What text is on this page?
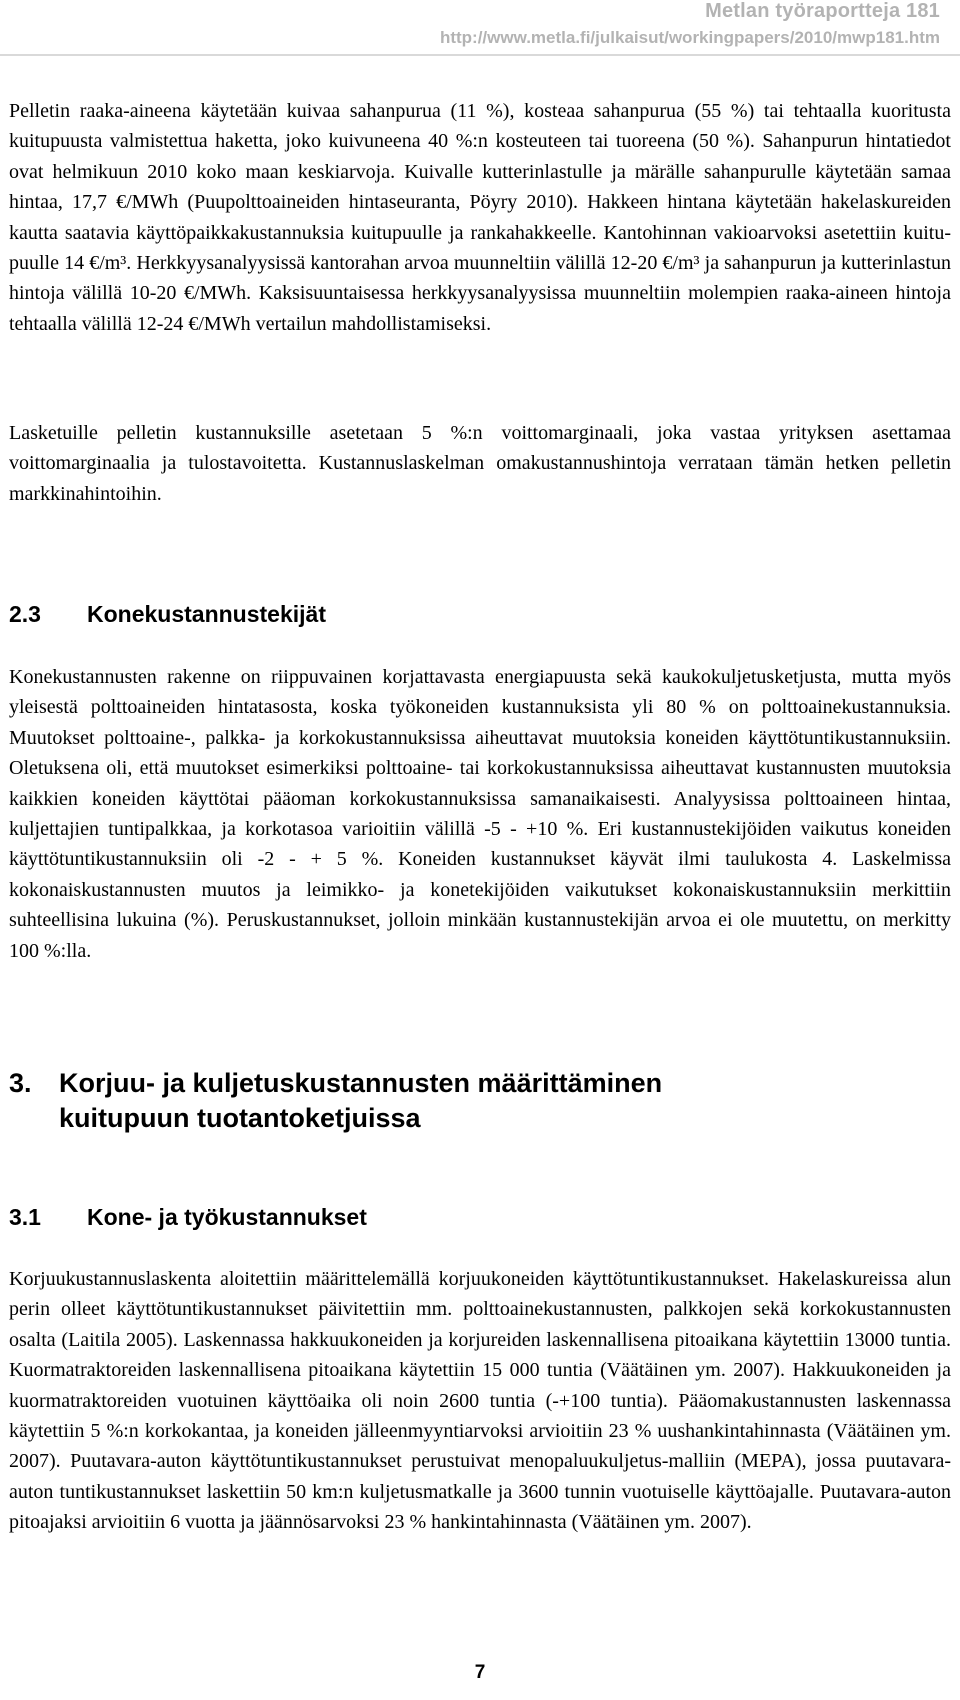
Metlan työraportteja 181
http://www.metla.fi/julkaisut/workingpapers/2010/mwp181.htm

Pelletin raaka-aineena käytetään kuivaa sahanpurua (11 %), kosteaa sahanpurua (55 %) tai tehtaalla kuoritusta kuitupuusta valmistettua haketta, joko kuivuneena 40 %:n kosteuteen tai tuoreena (50 %). Sahanpurun hintatiedot ovat helmikuun 2010 koko maan keskiarvoja. Kuivalle kutterinlastulle ja märälle sahanpurulle käytetään samaa hintaa, 17,7 €/MWh (Puupolttoaineiden hintaseuranta, Pöyry 2010). Hakkeen hintana käytetään hakelaskureiden kautta saatavia käyttöpaikkakustannuksia kuitupuulle ja rankahakkeelle. Kantohinnan vakioarvoksi asetettiin kuitupuulle 14 €/m³. Herkkyysanalyysissä kantorahan arvoa muunneltiin välillä 12-20 €/m³ ja sahanpurun ja kutterinlastun hintoja välillä 10-20 €/MWh. Kaksisuuntaisessa herkkyysanalyysissa muunneltiin molempien raaka-aineen hintoja tehtaalla välillä 12-24 €/MWh vertailun mahdollistamiseksi.

Lasketuille pelletin kustannuksille asetetaan 5 %:n voittomarginaali, joka vastaa yrityksen asettamaa voittomarginaalia ja tulostavoitetta. Kustannuslaskelman omakustannushintoja verrataan tämän hetken pelletin markkinahintoihin.

2.3 Konekustannustekijät

Konekustannusten rakenne on riippuvainen korjattavasta energiapuusta sekä kaukokuljetusketjusta, mutta myös yleisestä polttoaineiden hintatasosta, koska työkoneiden kustannuksista yli 80 % on polttoainekustannuksia. Muutokset polttoaine-, palkka- ja korkokustannuksissa aiheuttavat muutoksia koneiden käyttötuntikustannuksiin. Oletuksena oli, että muutokset esimerkiksi polttoaine- tai korkokustannuksissa aiheuttavat kustannusten muutoksia kaikkien koneiden käyttötai pääoman korkokustannuksissa samanaikaisesti. Analyysissa polttoaineen hintaa, kuljettajien tuntipalkkaa, ja korkotasoa varioitiin välillä -5 - +10 %. Eri kustannustekijöiden vaikutus koneiden käyttötuntikustannuksiin oli -2 - + 5 %. Koneiden kustannukset käyvät ilmi taulukosta 4. Laskelmissa kokonaiskustannusten muutos ja leimikko- ja konetekijöiden vaikutukset kokonaiskustannuksiin merkittiin suhteellisina lukuina (%). Peruskustannukset, jolloin minkään kustannustekijän arvoa ei ole muutettu, on merkitty 100 %:lla.

3. Korjuu- ja kuljetuskustannusten määrittäminen
kuitupuun tuotantoketjuissa
3.1 Kone- ja työkustannukset

Korjuukustannuslaskenta aloitettiin määrittelemällä korjuukoneiden käyttötuntikustannukset. Hakelaskureissa alun perin olleet käyttötuntikustannukset päivitettiin mm. polttoainekustannusten, palkkojen sekä korkokustannusten osalta (Laitila 2005). Laskennassa hakkuukoneiden ja korjureiden laskennallisena pitoaikana käytettiin 13000 tuntia. Kuormatraktoreiden laskennallisena pitoaikana käytettiin 15 000 tuntia (Väätäinen ym. 2007). Hakkuukoneiden ja kuormatraktoreiden vuotuinen käyttöaika oli noin 2600 tuntia (-+100 tuntia). Pääomakustannusten laskennassa käytettiin 5 %:n korkokantaa, ja koneiden jälleenmyyntiarvoksi arvioitiin 23 % uushankintahinnasta (Väätäinen ym. 2007). Puutavara-auton käyttötuntikustannukset perustuivat menopaluukuljetus-malliin (MEPA), jossa puutavara-auton tuntikustannukset laskettiin 50 km:n kuljetusmatkalle ja 3600 tunnin vuotuiselle käyttöajalle. Puutavara-auton pitoajaksi arvioitiin 6 vuotta ja jäännösarvoksi 23 % hankintahinnasta (Väätäinen ym. 2007).

7
